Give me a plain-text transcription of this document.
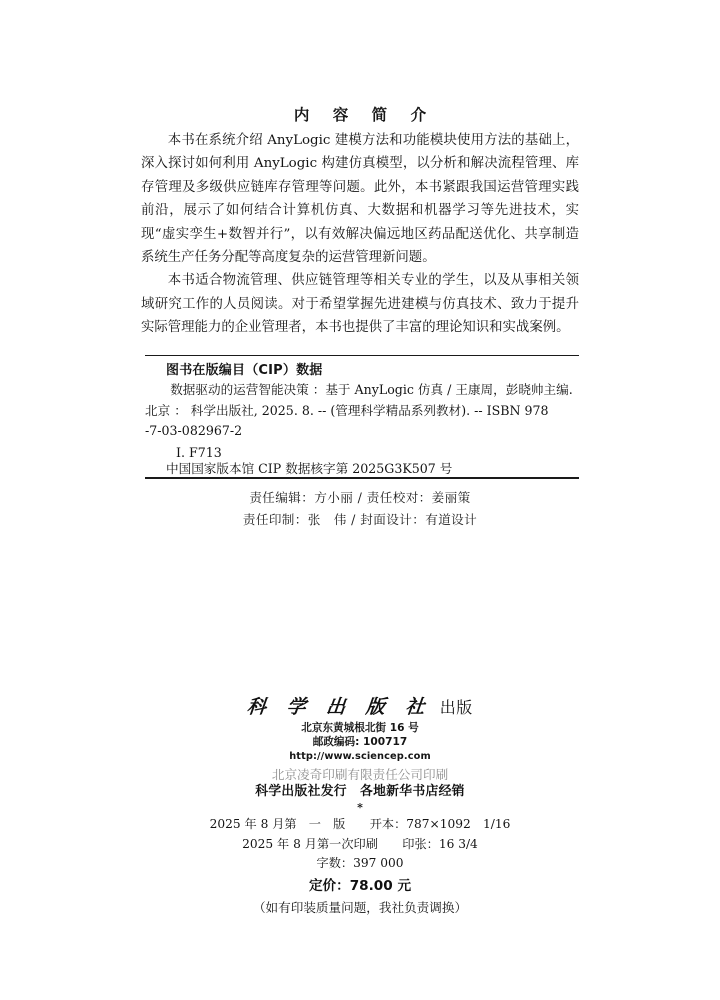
内 容 简 介

本书在系统介绍 AnyLogic 建模方法和功能模块使用方法的基础上，深入探讨如何利用 AnyLogic 构建仿真模型，以分析和解决流程管理、库存管理及多级供应链库存管理等问题。此外，本书紧跟我国运营管理实践前沿，展示了如何结合计算机仿真、大数据和机器学习等先进技术，实现“虚实孪生+数智并行”，以有效解决偏远地区药品配送优化、共享制造系统生产任务分配等高度复杂的运营管理新问题。

本书适合物流管理、供应链管理等相关专业的学生，以及从事相关领域研究工作的人员阅读。对于希望掌握先进建模与仿真技术、致力于提升实际管理能力的企业管理者，本书也提供了丰富的理论知识和实战案例。

图书在版编目（CIP）数据

数据驱动的运营智能决策 ：基于 AnyLogic 仿真 / 王康周，彭晓帅主编.

北京 ： 科学出版社, 2025. 8. -- (管理科学精品系列教材). -- ISBN 978

-7-03-082967-2

Ⅰ. F713
中国国家版本馆 CIP 数据核字第 2025G3K507 号
责任编辑：方小丽 / 责任校对：姜丽策
责任印制：张　伟 / 封面设计：有道设计
科 学 出 版 社 出版
北京东黄城根北街 16 号
邮政编码: 100717
http://www.sciencep.com
北京凌奇印刷有限责任公司印刷
科学出版社发行　各地新华书店经销
*
2025 年 8 月第　一　版　　开本：787×1092　1/16
2025 年 8 月第一次印刷　　印张：16 3/4
字数：397 000
定价：78.00 元
（如有印装质量问题，我社负责调换）
